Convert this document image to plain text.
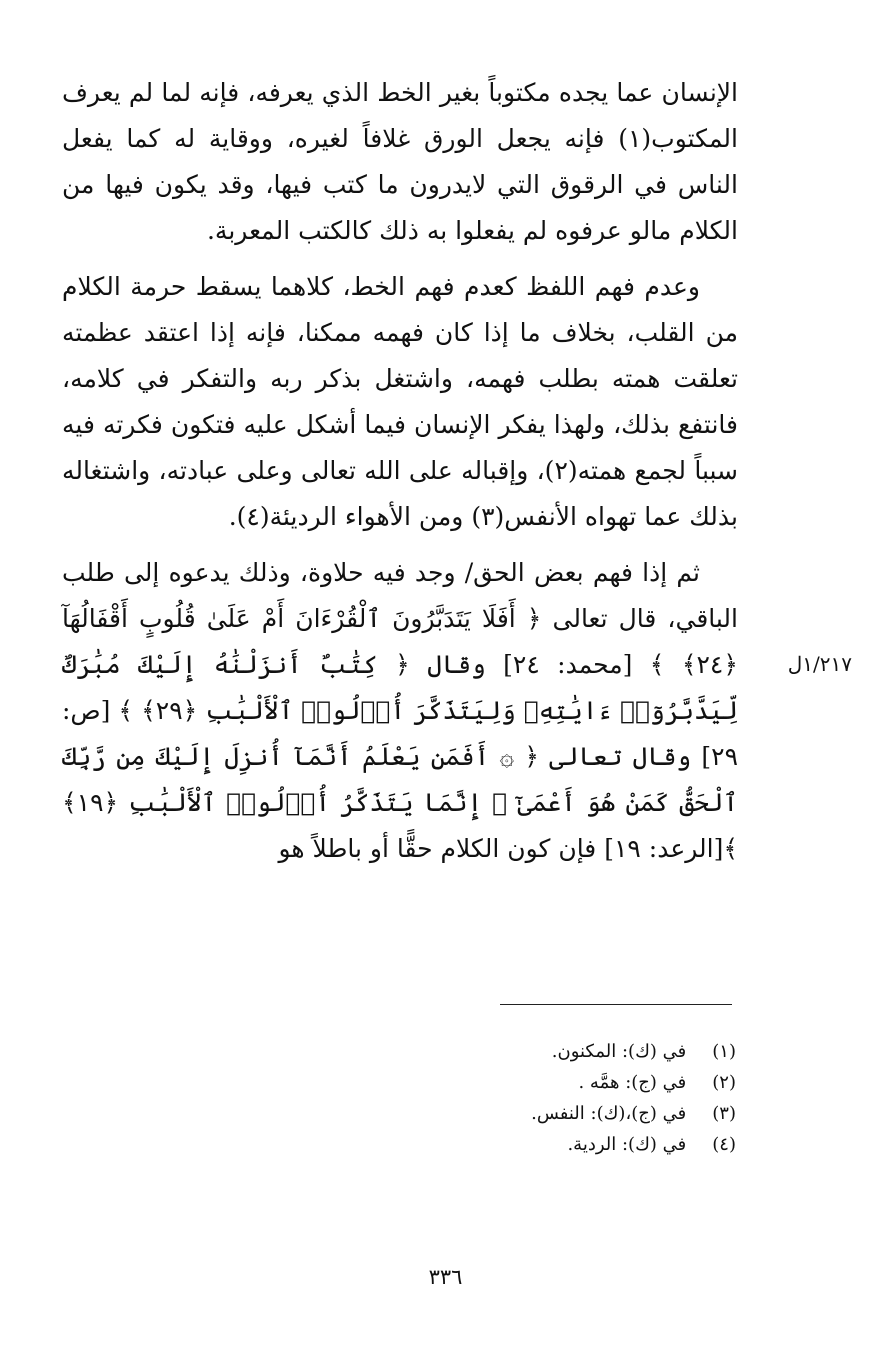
الإنسان عما يجده مكتوباً بغير الخط الذي يعرفه، فإنه لما لم يعرف المكتوب(١) فإنه يجعل الورق غلافاً لغيره، ووقاية له كما يفعل الناس في الرقوق التي لايدرون ما كتب فيها، وقد يكون فيها من الكلام مالو عرفوه لم يفعلوا به ذلك كالكتب المعربة.

وعدم فهم اللفظ كعدم فهم الخط، كلاهما يسقط حرمة الكلام من القلب، بخلاف ما إذا كان فهمه ممكنا، فإنه إذا اعتقد عظمته تعلقت همته بطلب فهمه، واشتغل بذكر ربه والتفكر في كلامه، فانتفع بذلك، ولهذا يفكر الإنسان فيما أشكل عليه فتكون فكرته فيه سبباً لجمع همته(٢)، وإقباله على الله تعالى وعلى عبادته، واشتغاله بذلك عما تهواه الأنفس(٣) ومن الأهواء الرديئة(٤).

ثم إذا فهم بعض الحق/ وجد فيه حلاوة، وذلك يدعوه إلى طلب الباقي، قال تعالى ﴿ أَفَلَا يَتَدَبَّرُونَ ٱلْقُرْءَانَ أَمْ عَلَىٰ قُلُوبٍ أَقْفَالُهَآ ﴿٢٤﴾ ﴾ [محمد: ٢٤] وقال ﴿ كِتَٰبٌ أَنزَلْنَٰهُ إِلَيْكَ مُبَٰرَكٌ لِّيَدَّبَّرُوٓا۟ ءَايَٰتِهِۦ وَلِيَتَذَكَّرَ أُو۟لُوا۟ ٱلْأَلْبَٰبِ ﴿٢٩﴾ ﴾ [ص: ٢٩] وقال تعالى ﴿ ۞ أَفَمَن يَعْلَمُ أَنَّمَآ أُنزِلَ إِلَيْكَ مِن رَّبِّكَ ٱلْحَقُّ كَمَنْ هُوَ أَعْمَىٰٓ ۚ إِنَّمَا يَتَذَكَّرُ أُو۟لُوا۟ ٱلْأَلْبَٰبِ ﴿١٩﴾ ﴾[الرعد: ١٩] فإن كون الكلام حقًّا أو باطلاً هو

١/٢١٧ل
(١) في (ك): المكنون.
(٢) في (ج): همَّه .
(٣) في (ج)،(ك): النفس.
(٤) في (ك): الردية.
٣٣٦
